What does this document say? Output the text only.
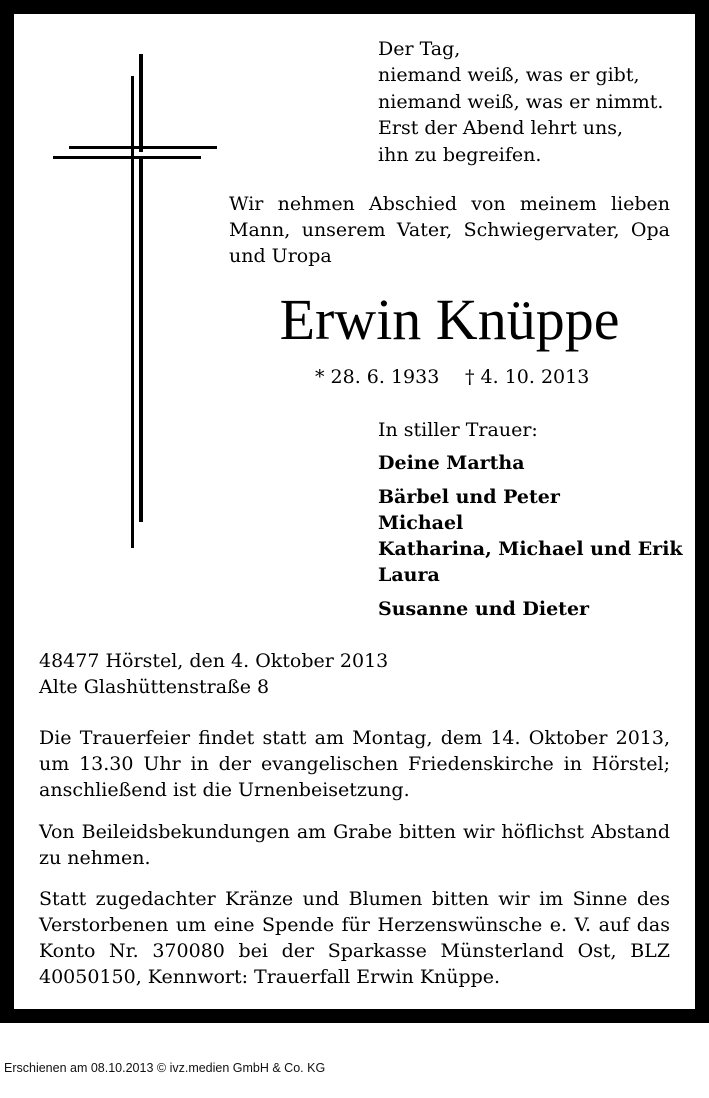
Der Tag,
niemand weiß, was er gibt,
niemand weiß, was er nimmt.
Erst der Abend lehrt uns,
ihn zu begreifen.
Wir nehmen Abschied von meinem lieben Mann, unserem Vater, Schwiegervater, Opa und Uropa
Erwin Knüppe
* 28. 6. 1933 † 4. 10. 2013
In stiller Trauer:
Deine Martha
Bärbel und Peter
Michael
Katharina, Michael und Erik
Laura
Susanne und Dieter
48477 Hörstel, den 4. Oktober 2013
Alte Glashüttenstraße 8
Die Trauerfeier findet statt am Montag, dem 14. Oktober 2013, um 13.30 Uhr in der evangelischen Friedenskirche in Hörstel; anschließend ist die Urnenbeisetzung.
Von Beileidsbekundungen am Grabe bitten wir höflichst Abstand zu nehmen.
Statt zugedachter Kränze und Blumen bitten wir im Sinne des Verstorbenen um eine Spende für Herzenswünsche e. V. auf das Konto Nr. 370080 bei der Sparkasse Münsterland Ost, BLZ 40050150, Kennwort: Trauerfall Erwin Knüppe.
Erschienen am 08.10.2013 © ivz.medien GmbH & Co. KG
